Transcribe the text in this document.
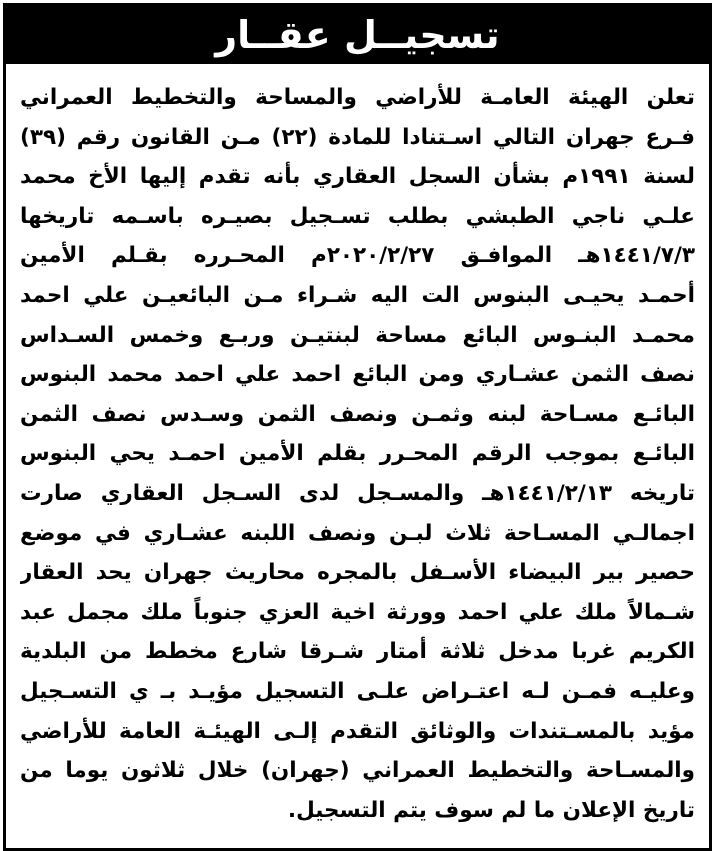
تسجيــل عقــار
تعلن الهيئة العامـة للأراضي والمساحة والتخطيط العمراني
فـرع جهران التالي اسـتنادا للمادة (٢٢) مـن القانون رقم (٣٩)
لسنة ١٩٩١م بشأن السجل العقاري بأنه تقدم إليها الأخ محمد
علـي ناجي الطبشي بطلب تسـجيل بصيـره باسـمه تاريخها
١٤٤١/٧/٣هـ الموافـق ٢٠٢٠/٢/٢٧م المحـرره بقـلم الأمين
أحمـد يحيـى البنوس الت اليه شـراء مـن البائعيـن علي احمد
محمـد البنـوس البائع مساحة لبنتيـن وربـع وخمس السـداس
نصف الثمن عشـاري ومن البائع احمد علي احمد محمد البنوس
البائـع مسـاحة لبنه وثمـن ونصف الثمن وسـدس نصف الثمن
البائـع بموجب الرقم المحـرر بقلم الأمين احمـد يحي البنوس
تاريخه ١٤٤١/٢/١٣هـ والمسـجل لدى السـجل العقاري صارت
اجمالـي المسـاحة ثلاث لبـن ونصف اللبنه عشـاري في موضع
حصير بير البيضاء الأسـفل بالمجره محاريث جهران يحد العقار
شـمالاً ملك علي احمد وورثة اخية العزي جنوباً ملك مجمل عبد
الكريم غربا مدخل ثلاثة أمتار شـرقا شارع مخطط من البلدية
وعليـه فمـن لـه اعتـراض علـى التسجيل مؤيـد بـ ي التسـجيل
مؤيد بالمسـتندات والوثائق التقدم إلـى الهيئـة العامة للأراضي
والمسـاحة والتخطيط العمراني (جهران) خلال ثلاثون يوما من
تاريخ الإعلان ما لم سوف يتم التسجيل.
